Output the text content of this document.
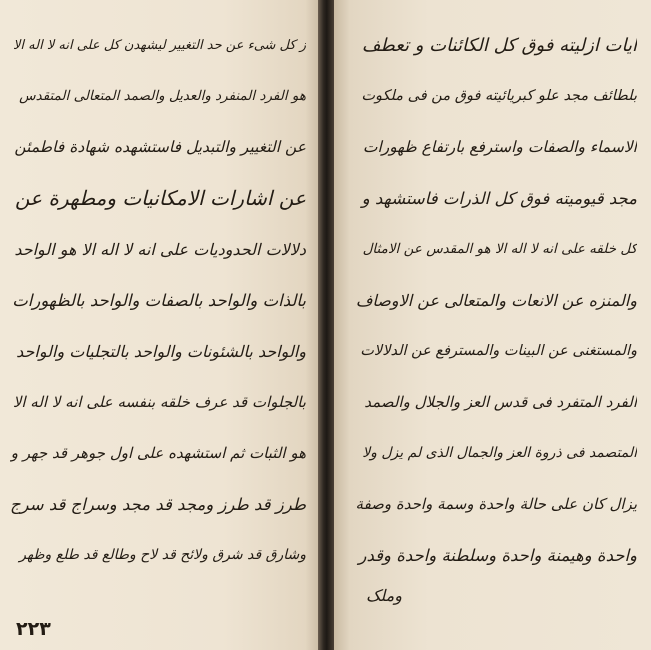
ز کل شیء عن حد التغییر لیشهدن کل علی انه لا اله الا
هو الفرد المنفرد والعدیل والصمد المتعالی المتقدس
عن التغییر والتبدیل فاستشهده شهادة فاطمئن
عن اشارات الامکانیات ومطهرة عن
دلالات الحدودیات علی انه لا اله الا هو الواحد
بالذات والواحد بالصفات والواحد بالظهورات
والواحد بالشئونات والواحد بالتجلیات والواحد
بالجلوات قد عرف خلقه بنفسه علی انه لا اله الا
هو الثبات ثم استشهده علی اول جوهر قد جهر و
طرز قد طرز ومجد قد مجد وسراج قد سرج
وشارق قد شرق ولائح قد لاح وطالع قد طلع وظهر
٢٢٣
ایات ازلیته فوق کل الکائنات و تعطف
بلطائف مجد علو کبریائیته فوق من فی ملکوت
الاسماء والصفات واسترفع بارتفاع ظهورات
مجد قیومیته فوق کل الذرات فاستشهد و
کل خلقه علی انه لا اله الا هو المقدس عن الامثال
والمنزه عن الانعات والمتعالی عن الاوصاف
والمستغنی عن البینات والمسترفع عن الدلالات
الفرد المتفرد فی قدس العز والجلال والصمد
المتصمد فی ذروة العز والجمال الذی لم یزل ولا
یزال کان علی حالة واحدة وسمة واحدة وصفة
واحدة وهیمنة واحدة وسلطنة واحدة وقدر
وملک
